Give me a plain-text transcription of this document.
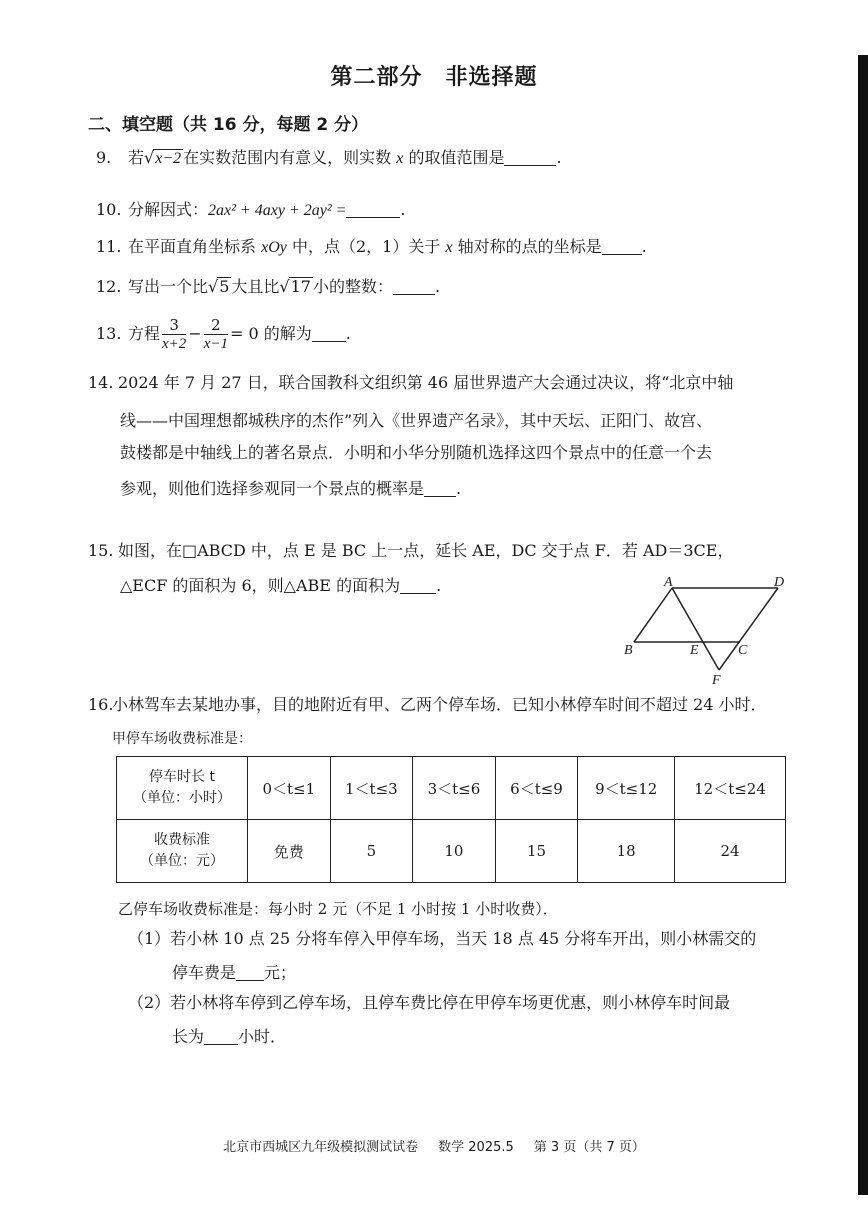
第二部分　非选择题
二、填空题（共 16 分，每题 2 分）
9. 若√x−2 在实数范围内有意义，则实数 x 的取值范围是	.
10. 分解因式：2ax² + 4axy + 2ay² =	.
11. 在平面直角坐标系 xOy 中，点（2，1）关于 x 轴对称的点的坐标是	.
12. 写出一个比√5 大且比√17 小的整数：	.
13. 方程 $\frac{3}{x+2} - \frac{2}{x-1} = 0$ 的解为 .
14. 2024 年 7 月 27 日，联合国教科文组织第 46 届世界遗产大会通过决议，将“北京中轴
线——中国理想都城秩序的杰作”列入《世界遗产名录》，其中天坛、正阳门、故宫、
鼓楼都是中轴线上的著名景点．小明和小华分别随机选择这四个景点中的任意一个去
参观，则他们选择参观同一个景点的概率是 .
15. 如图，在□ABCD 中，点 E 是 BC 上一点，延长 AE，DC 交于点 F．若 AD＝3CE，
△ECF 的面积为 6，则△ABE 的面积为 .	A	D
B	E	C
F
16.小林驾车去某地办事，目的地附近有甲、乙两个停车场．已知小林停车时间不超过 24 小时．
甲停车场收费标准是：
停车时长 t
（单位：小时）	0＜t≤1	1＜t≤3	3＜t≤6	6＜t≤9	9＜t≤12	12＜t≤24

收费标准
（单位：元）	免费	5	10	15	18	24
乙停车场收费标准是：每小时 2 元（不足 1 小时按 1 小时收费）．
（1）若小林 10 点 25 分将车停入甲停车场，当天 18 点 45 分将车开出，则小林需交的
停车费是 元；
（2）若小林将车停到乙停车场，且停车费比停在甲停车场更优惠，则小林停车时间最
长为 小时．
北京市西城区九年级模拟测试试卷 数学 2025.5 第 3 页（共 7 页）
